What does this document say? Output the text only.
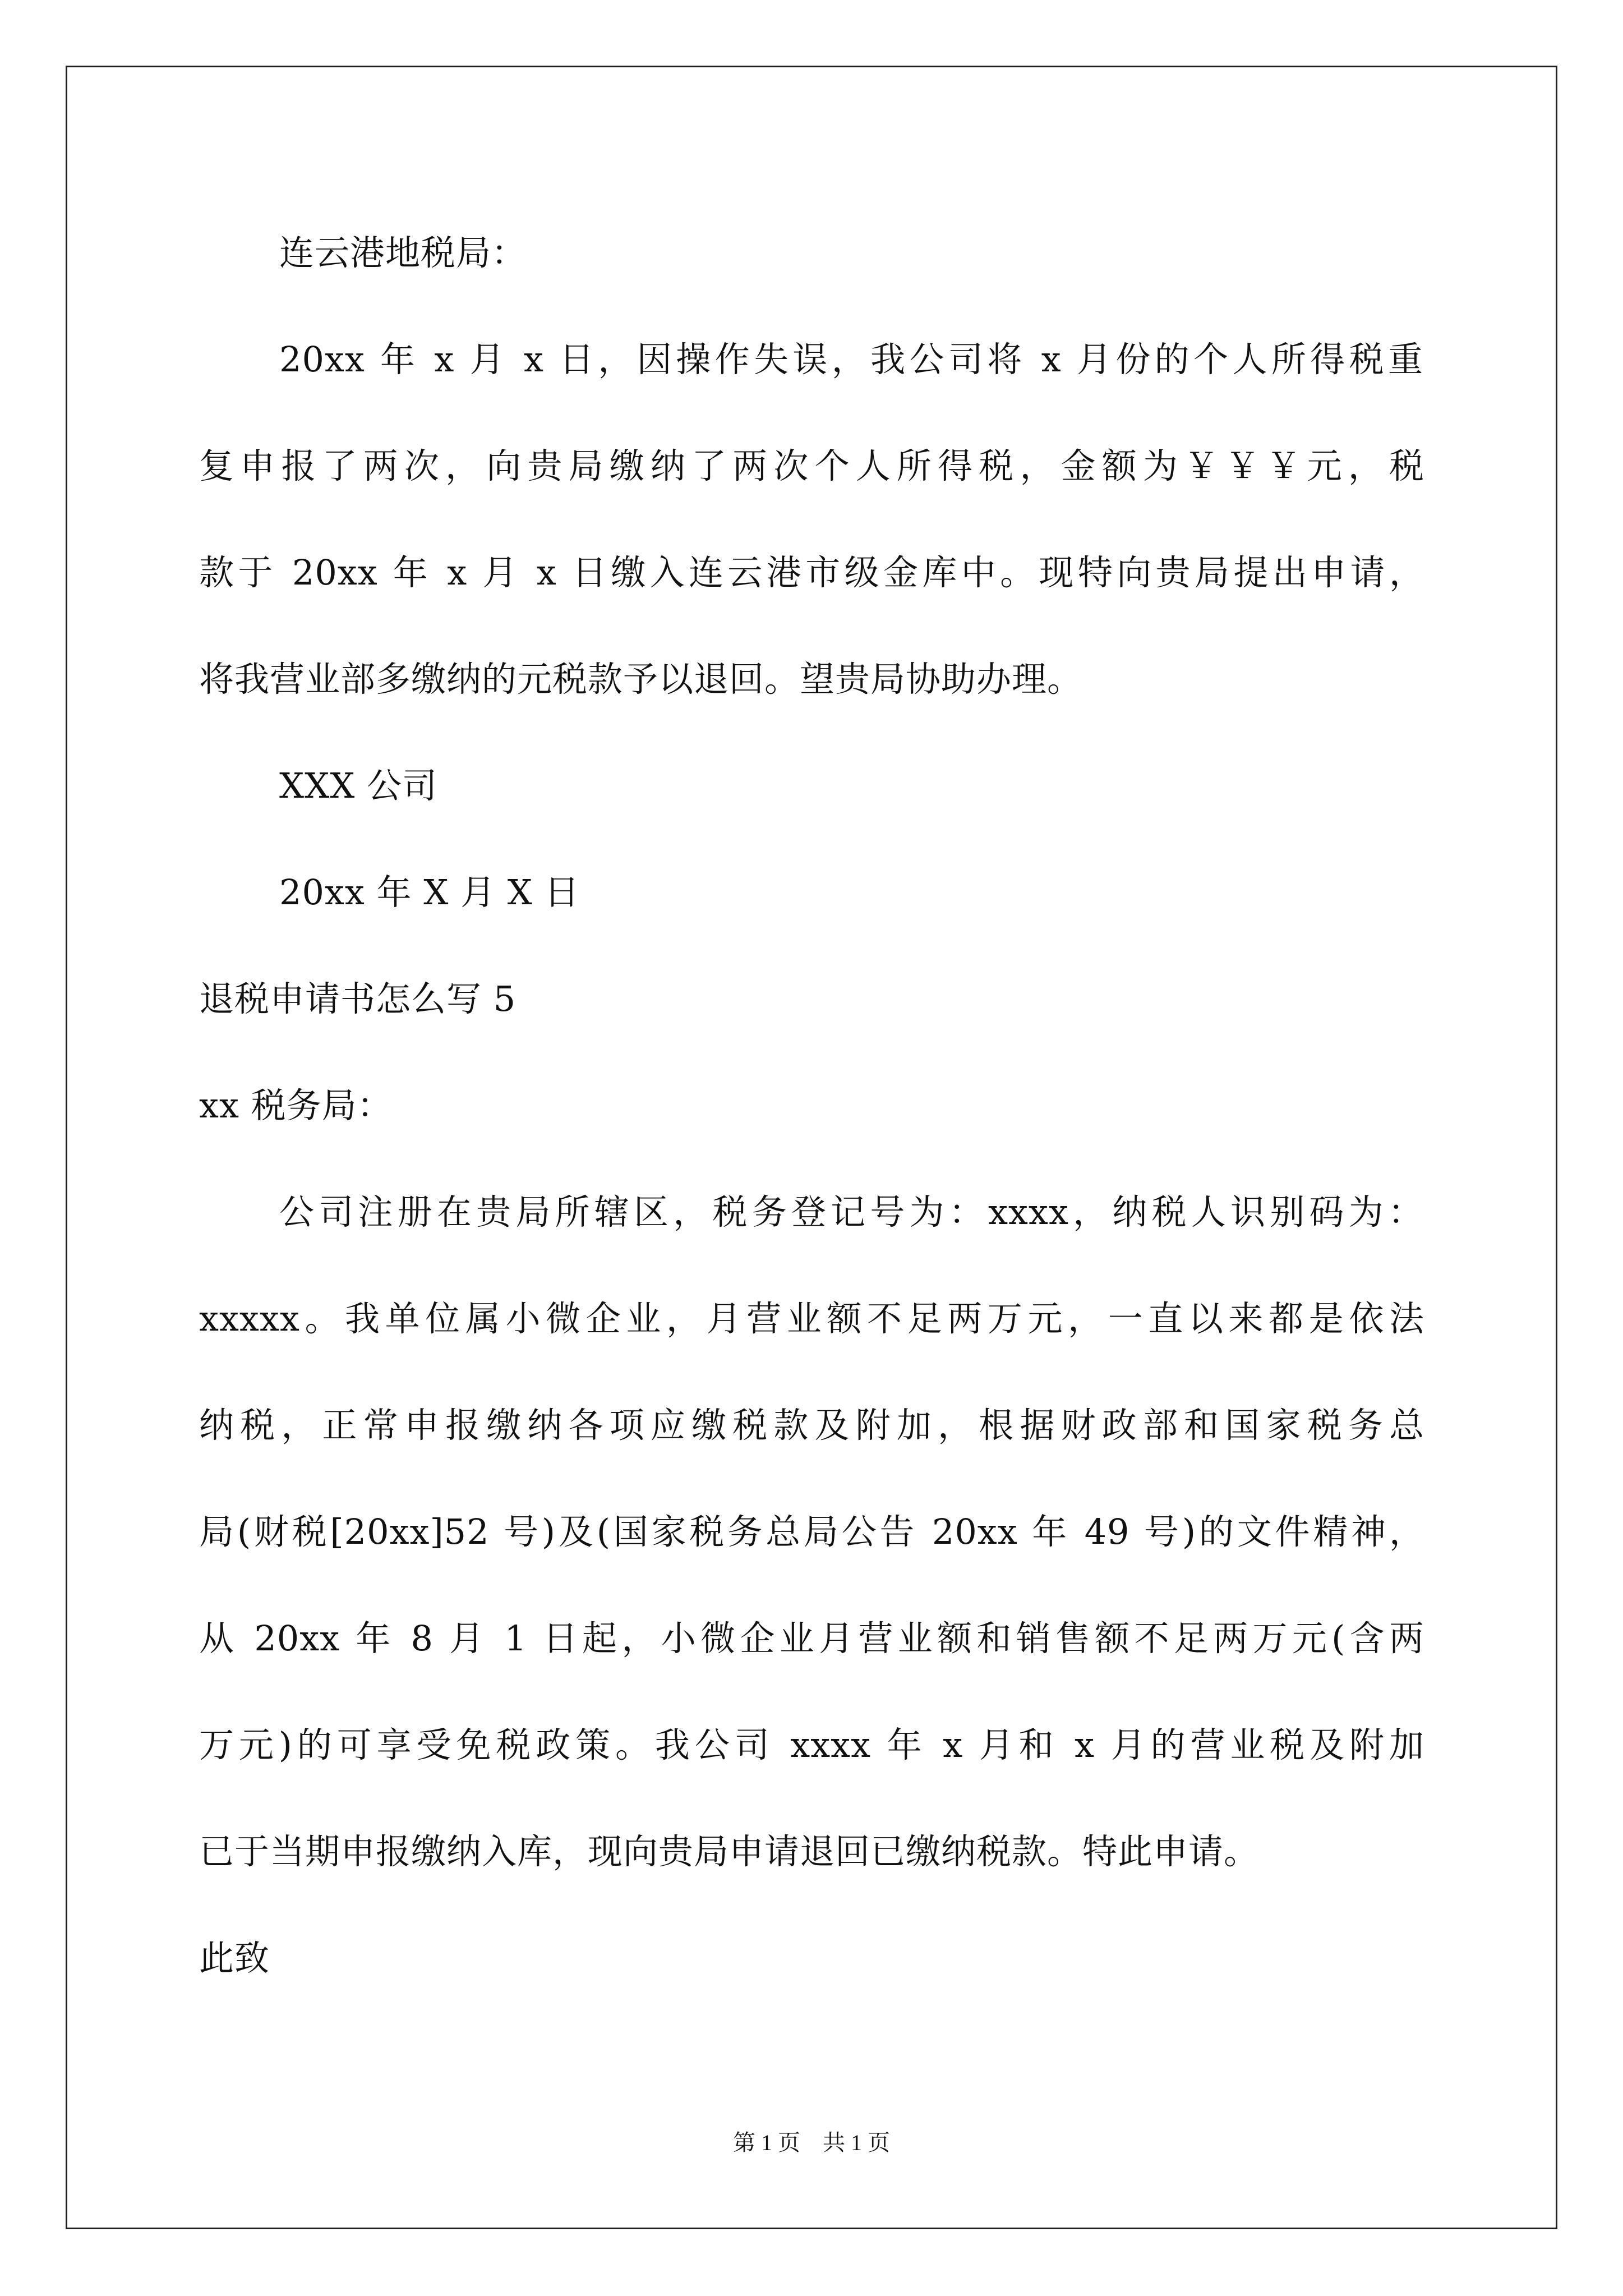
连云港地税局：
20xx 年 x 月 x 日，因操作失误，我公司将 x 月份的个人所得税重
复申报了两次，向贵局缴纳了两次个人所得税，金额为￥￥￥元，税
款于 20xx 年 x 月 x 日缴入连云港市级金库中。现特向贵局提出申请，
将我营业部多缴纳的元税款予以退回。望贵局协助办理。
XXX 公司
20xx 年 X 月 X 日
退税申请书怎么写 5
xx 税务局：
公司注册在贵局所辖区，税务登记号为：xxxx，纳税人识别码为：
xxxxx。我单位属小微企业，月营业额不足两万元，一直以来都是依法
纳税，正常申报缴纳各项应缴税款及附加，根据财政部和国家税务总
局(财税[20xx]52 号)及(国家税务总局公告 20xx 年 49 号)的文件精神，
从 20xx 年 8 月 1 日起，小微企业月营业额和销售额不足两万元(含两
万元)的可享受免税政策。我公司 xxxx 年 x 月和 x 月的营业税及附加
已于当期申报缴纳入库，现向贵局申请退回已缴纳税款。特此申请。
此致
第 1 页　共 1 页
